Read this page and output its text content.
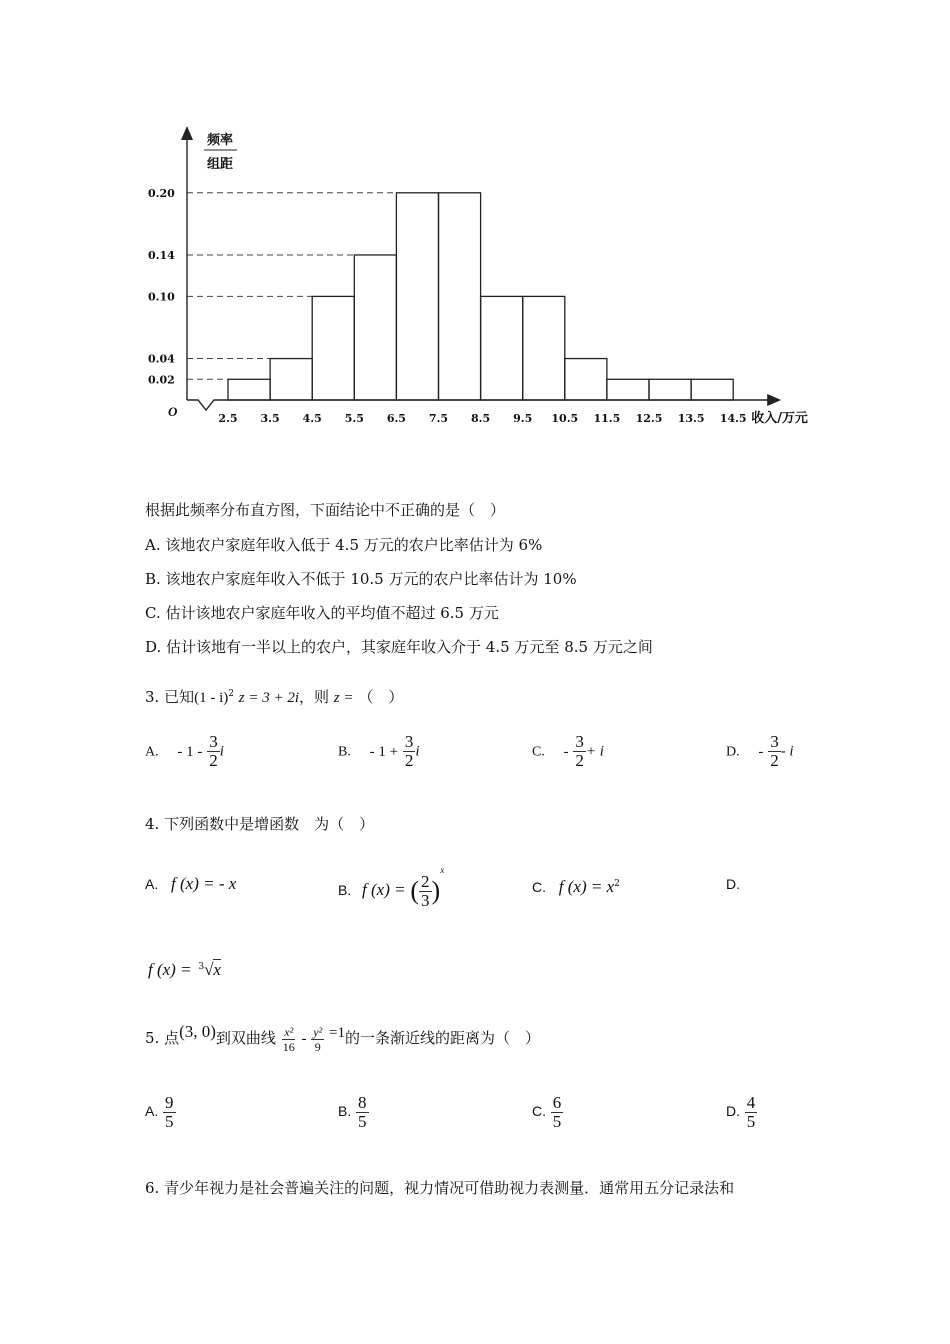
0.20
0.14
0.10
0.04
0.02
2.5 3.5 4.5 5.5 6.5 7.5 8.5 9.5 10.5 11.5 12.5 13.5 14.5
O
频率
组距
收入/万元
根据此频率分布直方图，下面结论中不正确的是（　）
A. 该地农户家庭年收入低于 4.5 万元的农户比率估计为 6%
B. 该地农户家庭年收入不低于 10.5 万元的农户比率估计为 10%
C. 估计该地农户家庭年收入的平均值不超过 6.5 万元
D. 估计该地有一半以上的农户，其家庭年收入介于 4.5 万元至 8.5 万元之间
3. 已知(1 - i)$^2$ z = 3 + 2i，则 z = （　）
A. - $1 - \frac{3}{2}$ i	B. - $1 + \frac{3}{2}$ i	C. - $\frac{3}{2} + i$	D. - $\frac{3}{2}$ - i
4. 下列函数中是增函数　为（　）
A. f (x) = - x	B. f (x) = ( $\frac{2}{3} )^x$
C. f $(x) = x^2$	D.
f (x) = $^3$√x
5. 点(3, 0)到双曲线 $\frac{\text{x²}}{16} - \frac{\text{y²}}{9} =1$的一条渐近线的距离为（　）
A. $\frac{9}{5}$	B. $\frac{8}{5}$	C. $\frac{6}{5}$	D. $\frac{4}{5}$
6. 青少年视力是社会普遍关注的问题，视力情况可借助视力表测量．通常用五分记录法和
